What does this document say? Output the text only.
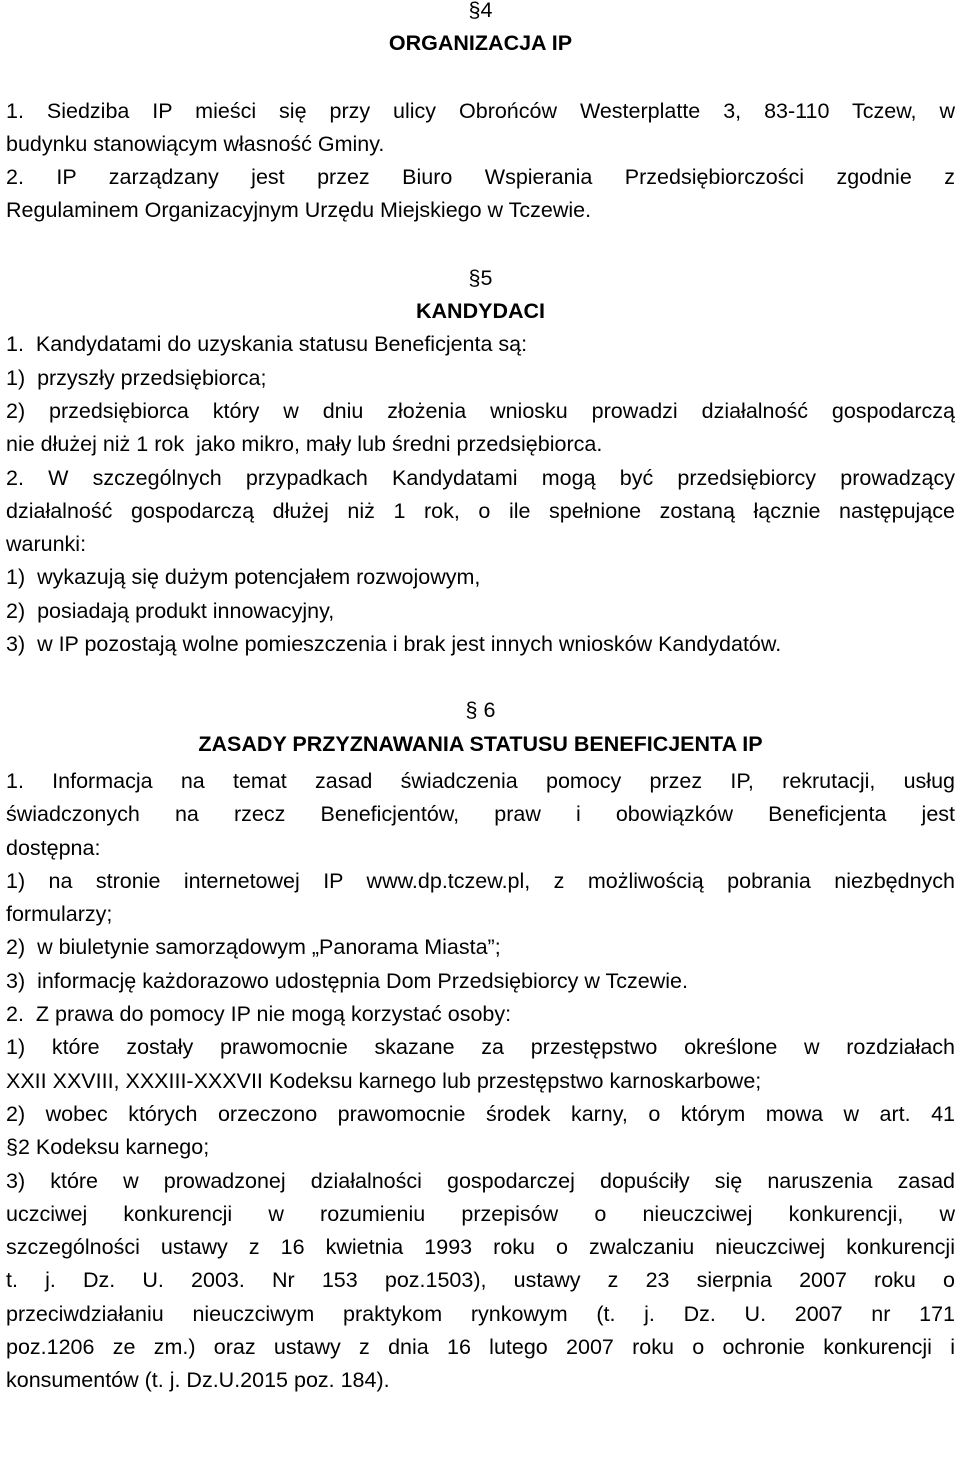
§4
ORGANIZACJA IP
1. Siedziba IP mieści się przy ulicy Obrońców Westerplatte 3, 83-110 Tczew, w
budynku stanowiącym własność Gminy.
2. IP zarządzany jest przez Biuro Wspierania Przedsiębiorczości zgodnie z
Regulaminem Organizacyjnym Urzędu Miejskiego w Tczewie.
§5
KANDYDACI
1.  Kandydatami do uzyskania statusu Beneficjenta są:
1)  przyszły przedsiębiorca;
2) przedsiębiorca który w dniu złożenia wniosku prowadzi działalność gospodarczą
nie dłużej niż 1 rok  jako mikro, mały lub średni przedsiębiorca.
2. W szczególnych przypadkach Kandydatami mogą być przedsiębiorcy prowadzący
działalność gospodarczą dłużej niż 1 rok, o ile spełnione zostaną łącznie następujące
warunki:
1)  wykazują się dużym potencjałem rozwojowym,
2)  posiadają produkt innowacyjny,
3)  w IP pozostają wolne pomieszczenia i brak jest innych wniosków Kandydatów.
§ 6
ZASADY PRZYZNAWANIA STATUSU BENEFICJENTA IP
1. Informacja na temat zasad świadczenia pomocy przez IP, rekrutacji, usług
świadczonych na rzecz Beneficjentów, praw i obowiązków Beneficjenta jest
dostępna:
1) na stronie internetowej IP www.dp.tczew.pl, z możliwością pobrania niezbędnych
formularzy;
2)  w biuletynie samorządowym „Panorama Miasta”;
3)  informację każdorazowo udostępnia Dom Przedsiębiorcy w Tczewie.
2.  Z prawa do pomocy IP nie mogą korzystać osoby:
1) które zostały prawomocnie skazane za przestępstwo określone w rozdziałach
XXII XXVIII, XXXIII-XXXVII Kodeksu karnego lub przestępstwo karnoskarbowe;
2) wobec których orzeczono prawomocnie środek karny, o którym mowa w art. 41
§2 Kodeksu karnego;
3) które w prowadzonej działalności gospodarczej dopuściły się naruszenia zasad
uczciwej konkurencji w rozumieniu przepisów o nieuczciwej konkurencji, w
szczególności ustawy z 16 kwietnia 1993 roku o zwalczaniu nieuczciwej konkurencji
t. j. Dz. U. 2003. Nr 153 poz.1503), ustawy z 23 sierpnia 2007 roku o
przeciwdziałaniu nieuczciwym praktykom rynkowym (t. j. Dz. U. 2007 nr 171
poz.1206 ze zm.) oraz ustawy z dnia 16 lutego 2007 roku o ochronie konkurencji i
konsumentów (t. j. Dz.U.2015 poz. 184).
